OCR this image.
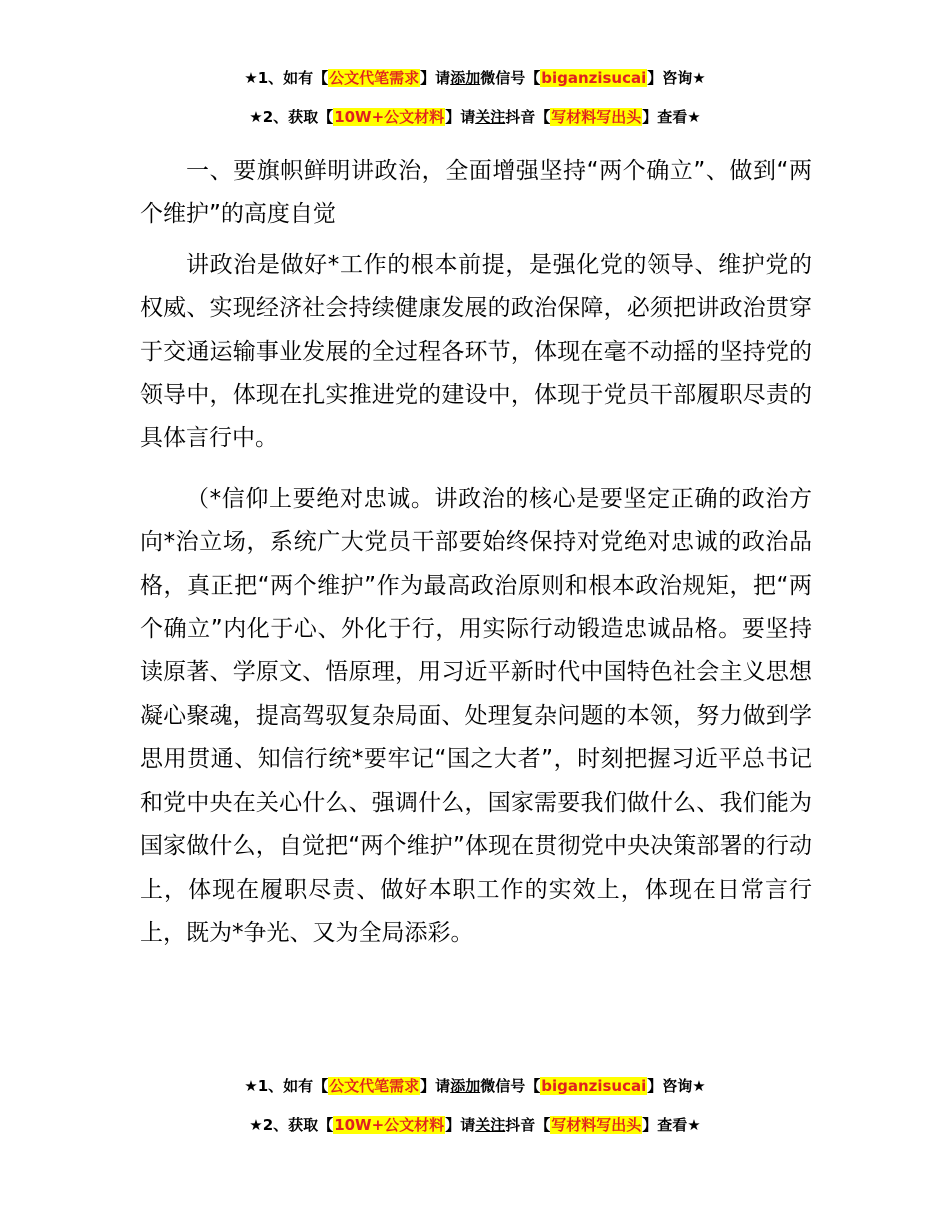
★1、如有【公文代笔需求】请添加微信号【biganzisucai】咨询★
★2、获取【10W+公文材料】请关注抖音【写材料写出头】查看★

一、要旗帜鲜明讲政治，全面增强坚持“两个确立”、做到“两个维护”的高度自觉

讲政治是做好*工作的根本前提，是强化党的领导、维护党的权威、实现经济社会持续健康发展的政治保障，必须把讲政治贯穿于交通运输事业发展的全过程各环节，体现在毫不动摇的坚持党的领导中，体现在扎实推进党的建设中，体现于党员干部履职尽责的具体言行中。

（*信仰上要绝对忠诚。讲政治的核心是要坚定正确的政治方向*治立场，系统广大党员干部要始终保持对党绝对忠诚的政治品格，真正把“两个维护”作为最高政治原则和根本政治规矩，把“两个确立”内化于心、外化于行，用实际行动锻造忠诚品格。要坚持读原著、学原文、悟原理，用习近平新时代中国特色社会主义思想凝心聚魂，提高驾驭复杂局面、处理复杂问题的本领，努力做到学思用贯通、知信行统*要牢记“国之大者”，时刻把握习近平总书记和党中央在关心什么、强调什么，国家需要我们做什么、我们能为国家做什么，自觉把“两个维护”体现在贯彻党中央决策部署的行动上，体现在履职尽责、做好本职工作的实效上，体现在日常言行上，既为*争光、又为全局添彩。

★1、如有【公文代笔需求】请添加微信号【biganzisucai】咨询★
★2、获取【10W+公文材料】请关注抖音【写材料写出头】查看★
